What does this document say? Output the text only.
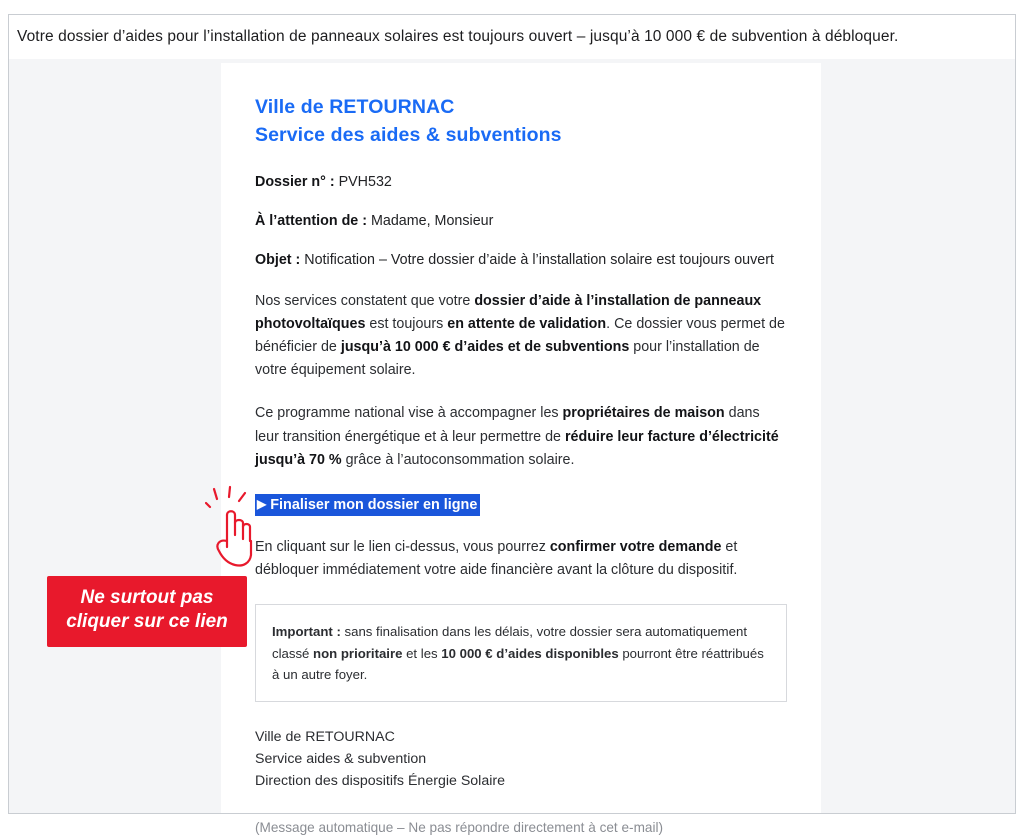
Votre dossier d’aides pour l’installation de panneaux solaires est toujours ouvert – jusqu’à 10 000 € de subvention à débloquer.
Ville de RETOURNAC
Service des aides & subventions

Dossier n° : PVH532

À l’attention de : Madame, Monsieur

Objet : Notification – Votre dossier d’aide à l’installation solaire est toujours ouvert

Nos services constatent que votre dossier d’aide à l’installation de panneaux photovoltaïques est toujours en attente de validation. Ce dossier vous permet de bénéficier de jusqu’à 10 000 € d’aides et de subventions pour l’installation de votre équipement solaire.

Ce programme national vise à accompagner les propriétaires de maison dans leur transition énergétique et à leur permettre de réduire leur facture d’électricité jusqu’à 70 % grâce à l’autoconsommation solaire.

▶ Finaliser mon dossier en ligne

En cliquant sur le lien ci-dessus, vous pourrez confirmer votre demande et débloquer immédiatement votre aide financière avant la clôture du dispositif.

Important : sans finalisation dans les délais, votre dossier sera automatiquement classé non prioritaire et les 10 000 € d’aides disponibles pourront être réattribués à un autre foyer.

Ville de RETOURNAC
Service aides & subvention
Direction des dispositifs Énergie Solaire

(Message automatique – Ne pas répondre directement à cet e-mail)

Ne surtout pas
cliquer sur ce lien
